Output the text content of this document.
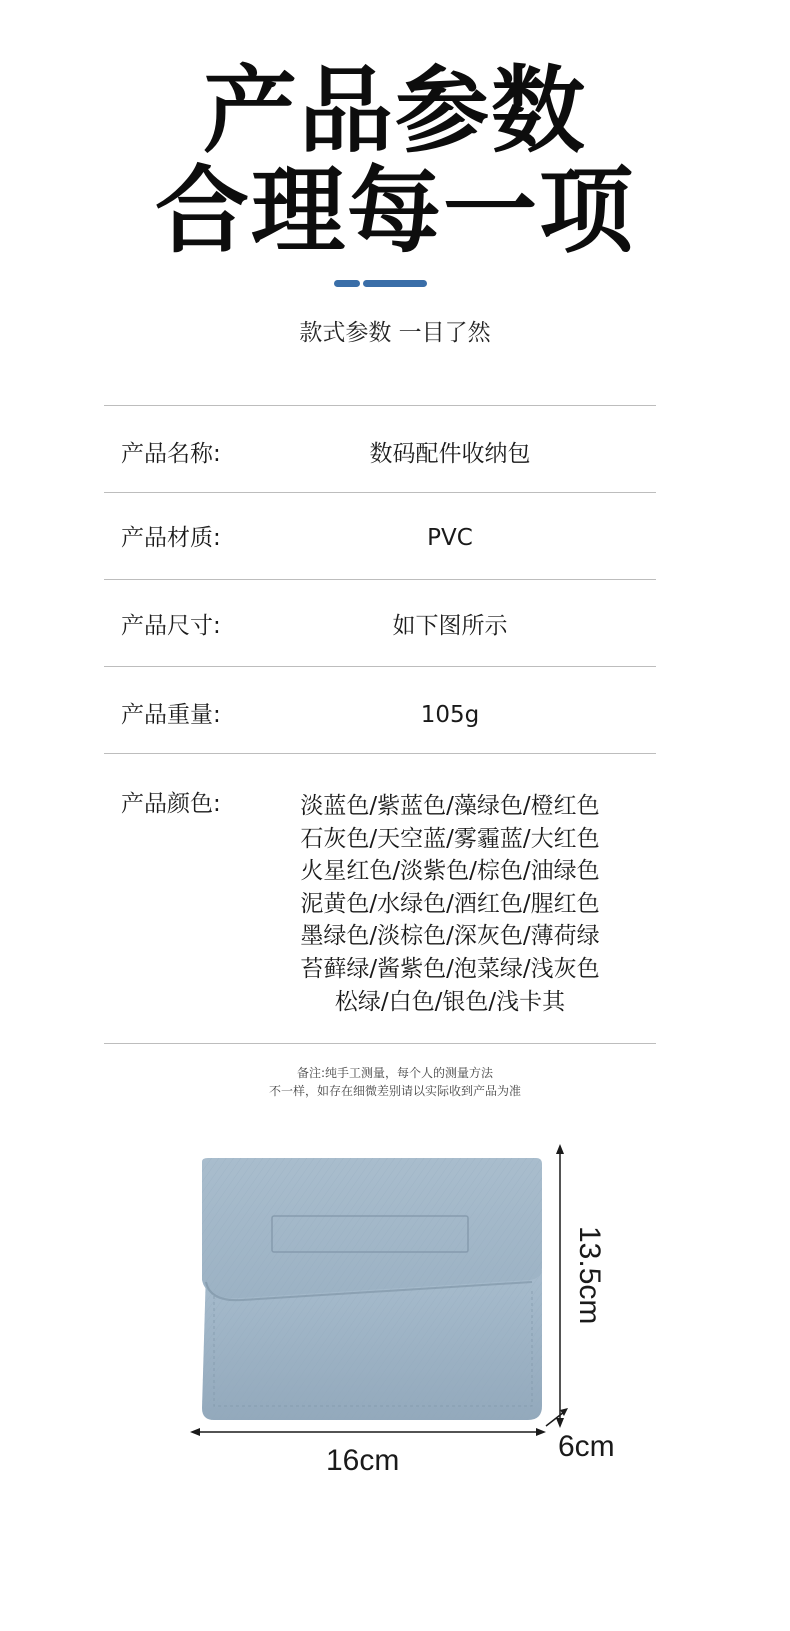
产品参数
合理每一项
款式参数 一目了然
产品名称:	数码配件收纳包
产品材质:	PVC
产品尺寸:	如下图所示
产品重量:	105g
产品颜色:	淡蓝色/紫蓝色/藻绿色/橙红色
石灰色/天空蓝/雾霾蓝/大红色
火星红色/淡紫色/棕色/油绿色
泥黄色/水绿色/酒红色/腥红色
墨绿色/淡棕色/深灰色/薄荷绿
苔藓绿/酱紫色/泡菜绿/浅灰色
松绿/白色/银色/浅卡其
备注:纯手工测量，每个人的测量方法
不一样，如存在细微差别请以实际收到产品为准
13.5cm
16cm	6cm
